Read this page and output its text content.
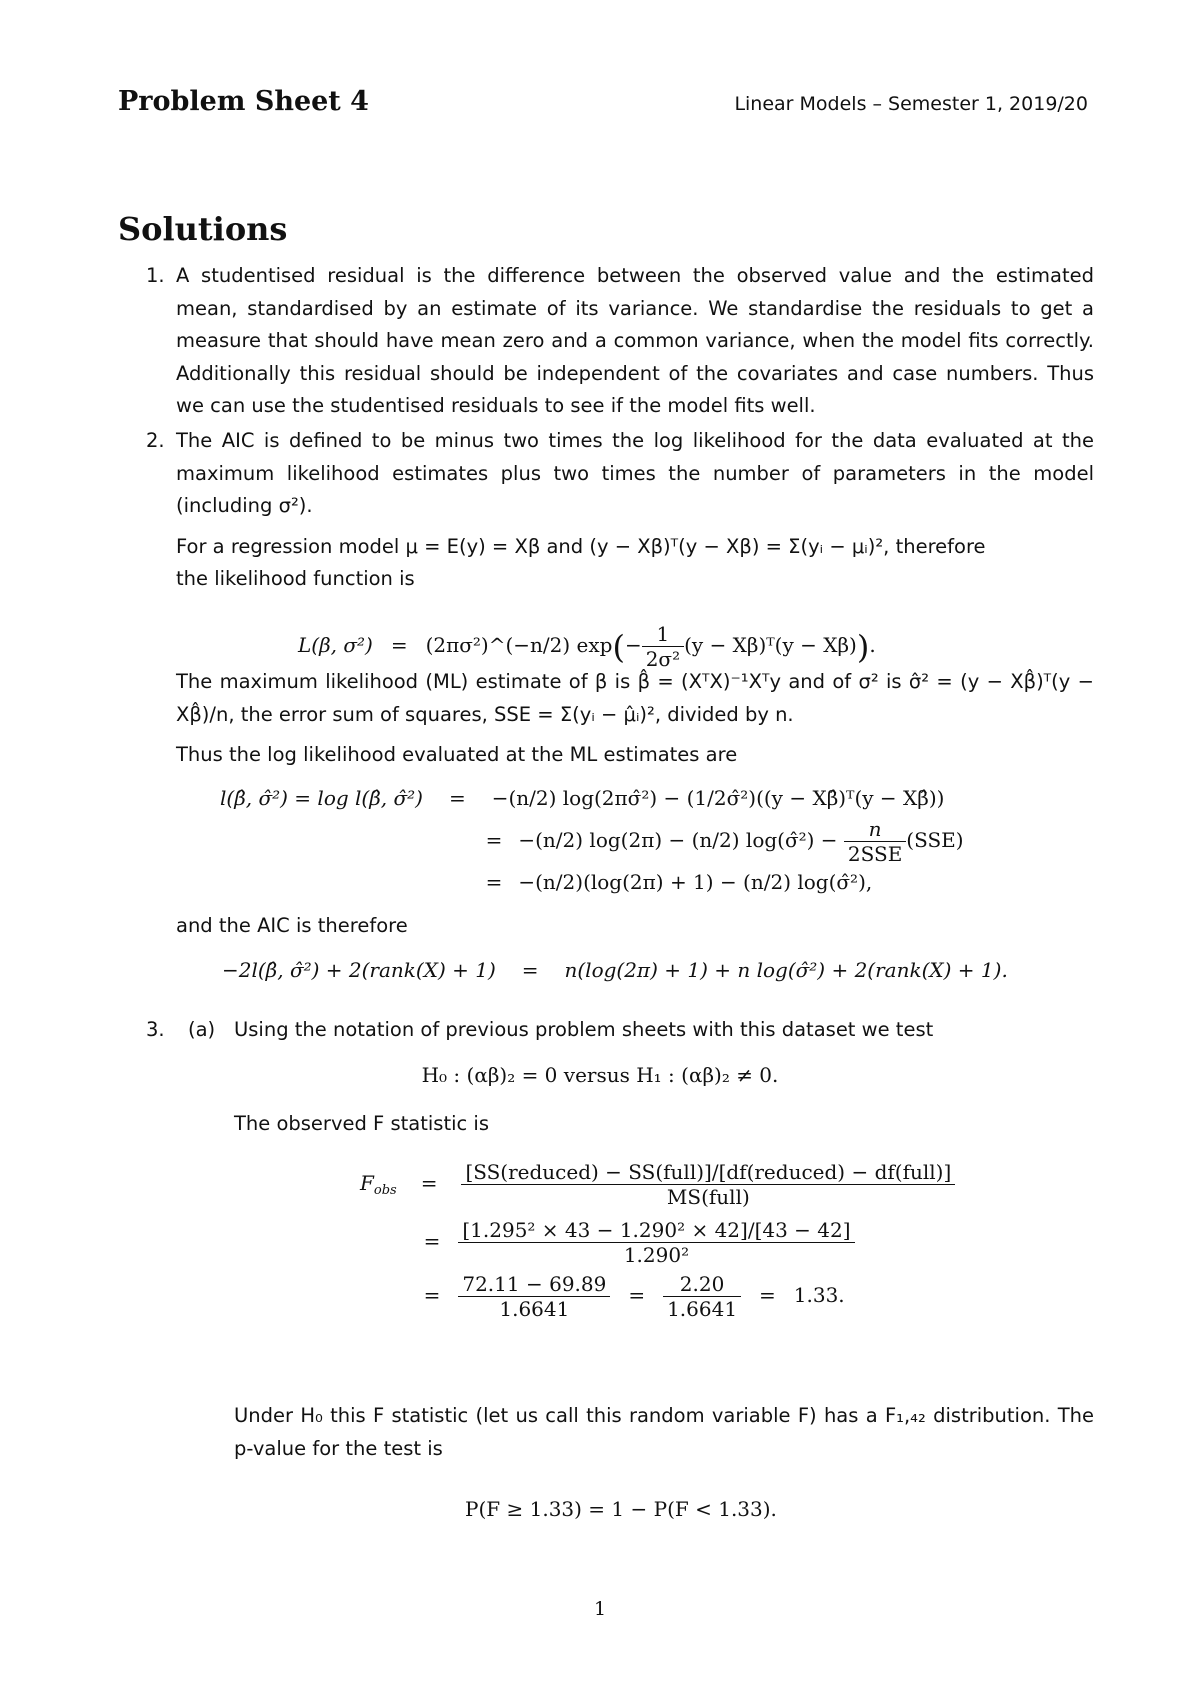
Problem Sheet 4	Linear Models – Semester 1, 2019/20
Solutions
1. A studentised residual is the difference between the observed value and the estimated mean, standardised by an estimate of its variance. We standardise the residuals to get a measure that should have mean zero and a common variance, when the model fits correctly. Additionally this residual should be independent of the covariates and case numbers. Thus we can use the studentised residuals to see if the model fits well.

2. The AIC is defined to be minus two times the log likelihood for the data evaluated at the maximum likelihood estimates plus two times the number of parameters in the model (including σ²).

For a regression model μ = E(y) = Xβ and (y − Xβ)ᵀ(y − Xβ) = Σ(yᵢ − μᵢ)², therefore

the likelihood function is

L(β, σ²) = (2πσ²)^(−n/2) $\exp(- \frac{1}{\text{2σ²}} (y$ − Xβ)ᵀ(y − Xβ)).

The maximum likelihood (ML) estimate of β is β̂ = (XᵀX)⁻¹Xᵀy and of σ² is σ̂² = (y − Xβ̂)ᵀ(y − Xβ̂)/n, the error sum of squares, SSE = Σ(yᵢ − μ̂ᵢ)², divided by n.

Thus the log likelihood evaluated at the ML estimates are

l(β̂, σ̂²) = log l(β̂, σ̂²) = −(n/2) log(2πσ̂²) − (1/2σ̂²)((y − Xβ̂)ᵀ(y − Xβ̂))
= −(n/2) log(2π) − (n/2) log(σ̂²) − $\frac{n}{\text{2SSE}} (SSE)$
= −(n/2)(log(2π) + 1) − (n/2) log(σ̂²),

and the AIC is therefore

−2l(β̂, σ̂²) + 2(rank(X) + 1) = n(log(2π) + 1) + n log(σ̂²) + 2(rank(X) + 1).
3. (a) Using the notation of previous problem sheets with this dataset we test

H₀ : (αβ)₂ = 0 versus H₁ : (αβ)₂ ≠ 0.

The observed F statistic is

$F_{obs} = \frac{\text{[SS(reduced) − SS(full)]/[df(reduced) − df(full)]}}{\text{MS(full)}}$
= $\frac{\text{[1.295² × 43 − 1.290² × 42]/[43 − 42]}}{\text{1.290²}}$
= $\frac{72.11 - 69.89}{1.6641} = \frac{2.20}{1.6641} = 1.33$.

Under H₀ this F statistic (let us call this random variable F) has a F₁,₄₂ distribution. The p-value for the test is

P(F ≥ 1.33) = 1 − P(F < 1.33).
1
